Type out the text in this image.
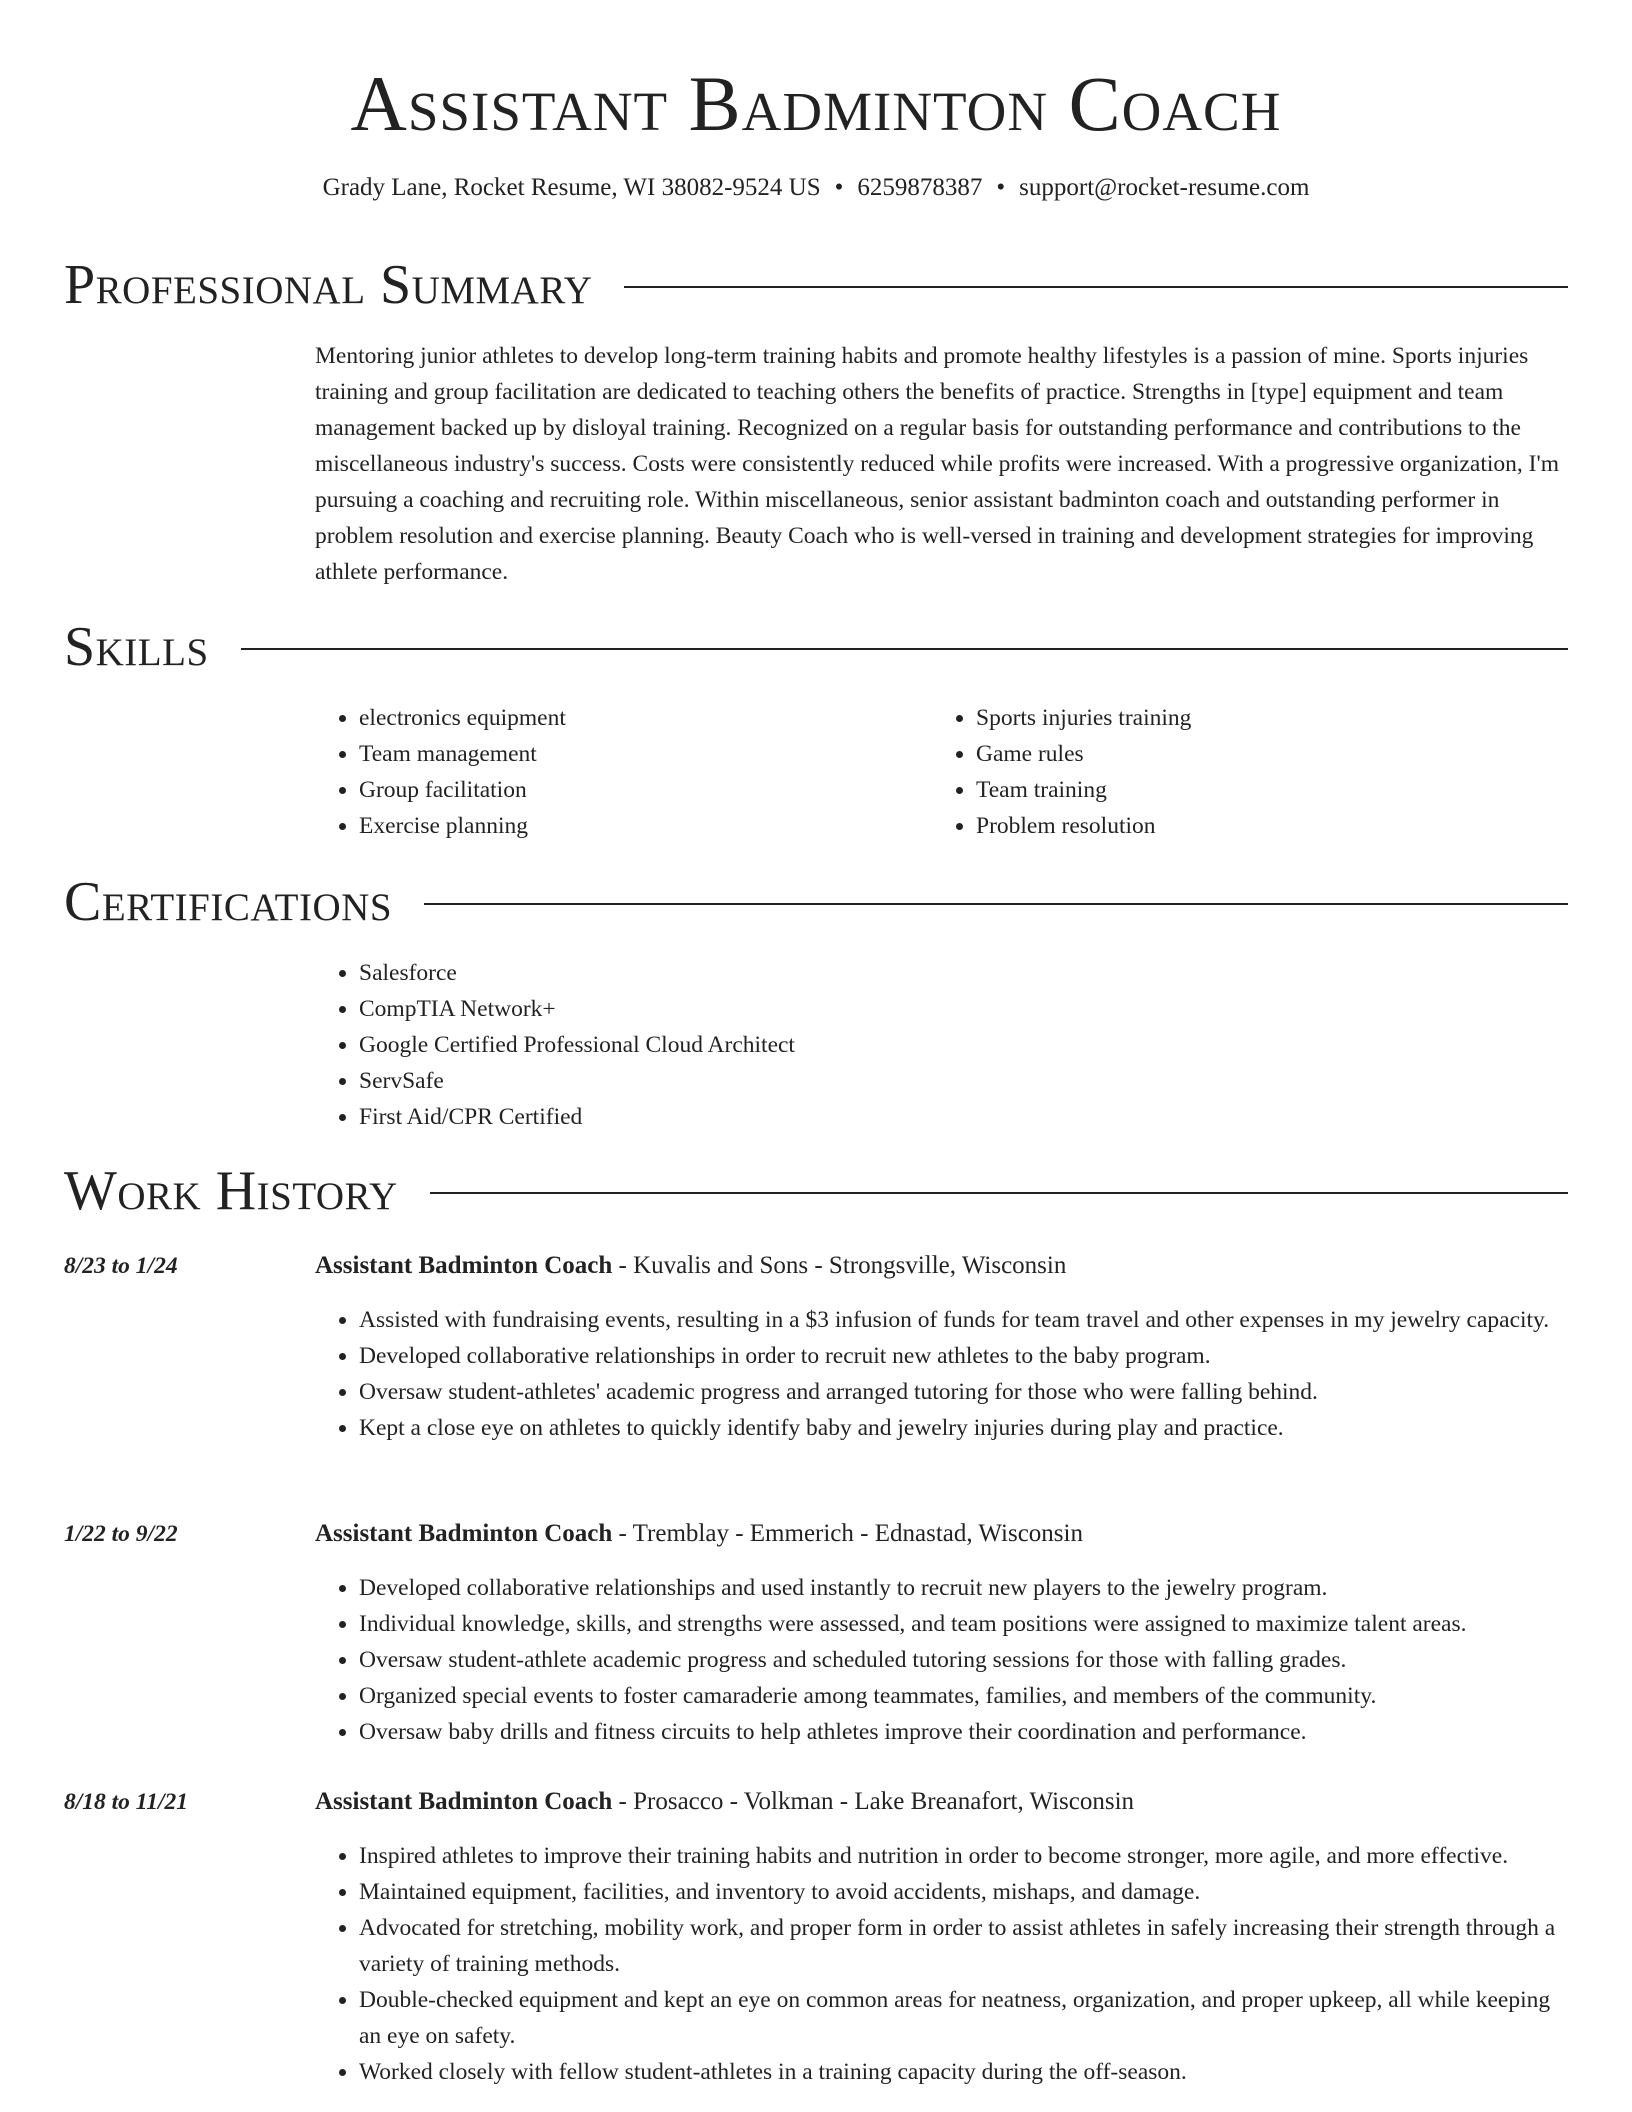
Assistant Badminton Coach
Grady Lane, Rocket Resume, WI 38082-9524 US • 6259878387 • support@rocket-resume.com
Professional Summary
Mentoring junior athletes to develop long-term training habits and promote healthy lifestyles is a passion of mine. Sports injuries training and group facilitation are dedicated to teaching others the benefits of practice. Strengths in [type] equipment and team management backed up by disloyal training. Recognized on a regular basis for outstanding performance and contributions to the miscellaneous industry's success. Costs were consistently reduced while profits were increased. With a progressive organization, I'm pursuing a coaching and recruiting role. Within miscellaneous, senior assistant badminton coach and outstanding performer in problem resolution and exercise planning. Beauty Coach who is well-versed in training and development strategies for improving athlete performance.
Skills
• electronics equipment
• Team management
• Group facilitation
• Exercise planning
• Sports injuries training
• Game rules
• Team training
• Problem resolution
Certifications
• Salesforce
• CompTIA Network+
• Google Certified Professional Cloud Architect
• ServSafe
• First Aid/CPR Certified
Work History
8/23 to 1/24	Assistant Badminton Coach - Kuvalis and Sons - Strongsville, Wisconsin
• Assisted with fundraising events, resulting in a $3 infusion of funds for team travel and other expenses in my jewelry capacity.
• Developed collaborative relationships in order to recruit new athletes to the baby program.
• Oversaw student-athletes' academic progress and arranged tutoring for those who were falling behind.
• Kept a close eye on athletes to quickly identify baby and jewelry injuries during play and practice.
1/22 to 9/22	Assistant Badminton Coach - Tremblay - Emmerich - Ednastad, Wisconsin
• Developed collaborative relationships and used instantly to recruit new players to the jewelry program.
• Individual knowledge, skills, and strengths were assessed, and team positions were assigned to maximize talent areas.
• Oversaw student-athlete academic progress and scheduled tutoring sessions for those with falling grades.
• Organized special events to foster camaraderie among teammates, families, and members of the community.
• Oversaw baby drills and fitness circuits to help athletes improve their coordination and performance.
8/18 to 11/21	Assistant Badminton Coach - Prosacco - Volkman - Lake Breanafort, Wisconsin
• Inspired athletes to improve their training habits and nutrition in order to become stronger, more agile, and more effective.
• Maintained equipment, facilities, and inventory to avoid accidents, mishaps, and damage.
• Advocated for stretching, mobility work, and proper form in order to assist athletes in safely increasing their strength through a variety of training methods.
• Double-checked equipment and kept an eye on common areas for neatness, organization, and proper upkeep, all while keeping an eye on safety.
• Worked closely with fellow student-athletes in a training capacity during the off-season.
